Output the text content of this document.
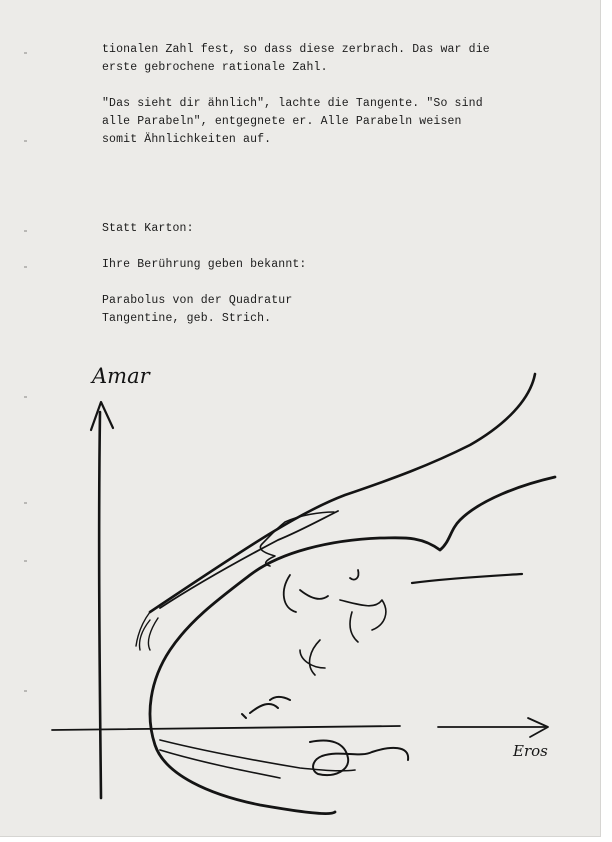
tionalen Zahl fest, so dass diese zerbrach. Das war die

erste gebrochene rationale Zahl.

"Das sieht dir ähnlich", lachte die Tangente. "So sind

alle Parabeln", entgegnete er. Alle Parabeln weisen

somit Ähnlichkeiten auf.

Statt Karton:

Ihre Berührung geben bekannt:

Parabolus von der Quadratur

Tangentine, geb. Strich.

Amar
Eros
